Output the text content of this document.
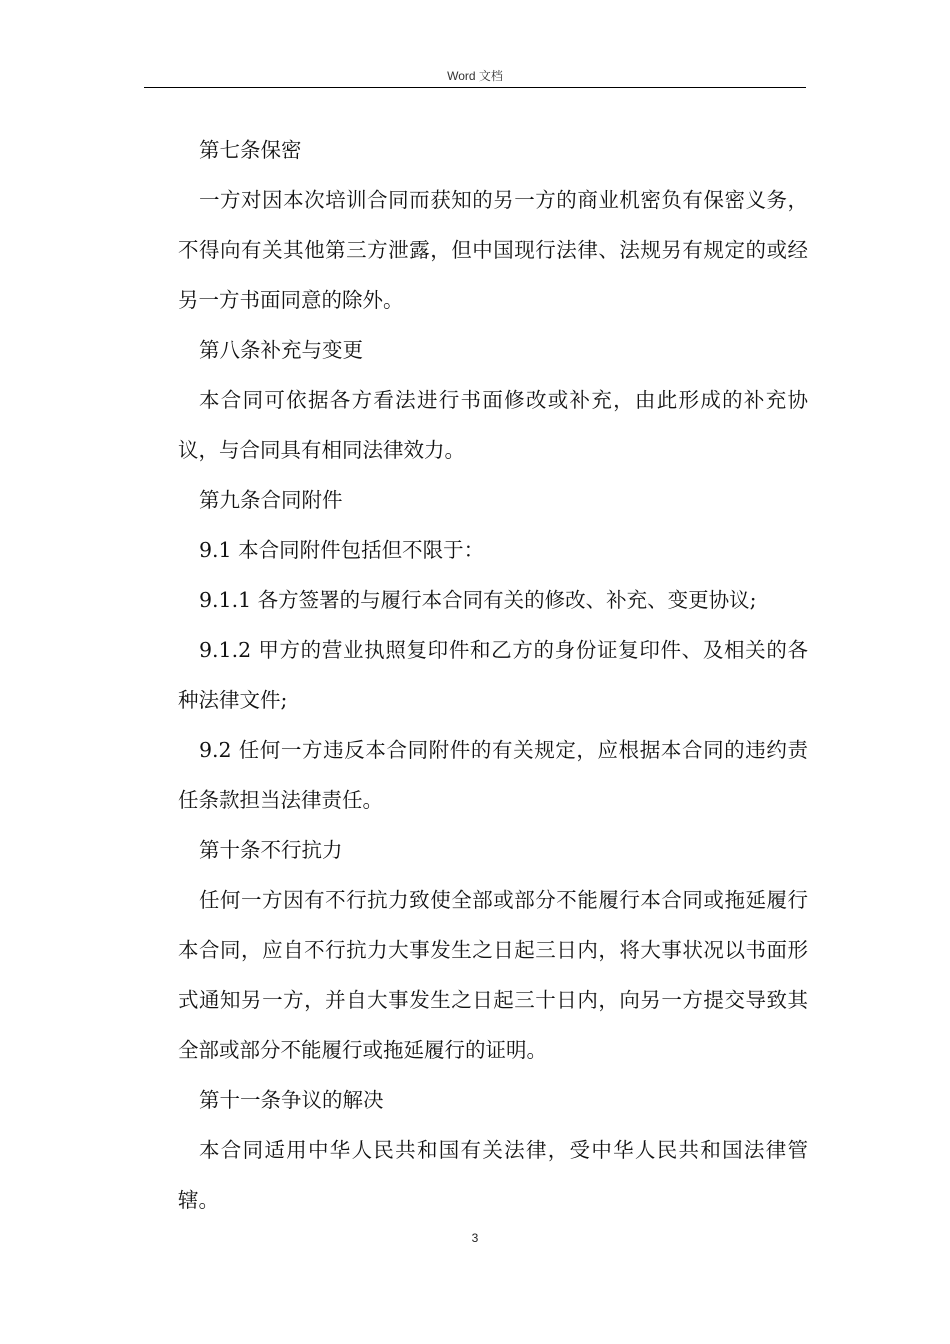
Word 文档

第七条保密

一方对因本次培训合同而获知的另一方的商业机密负有保密义务，不得向有关其他第三方泄露，但中国现行法律、法规另有规定的或经另一方书面同意的除外。

第八条补充与变更

本合同可依据各方看法进行书面修改或补充，由此形成的补充协议，与合同具有相同法律效力。

第九条合同附件

9.1 本合同附件包括但不限于：

9.1.1 各方签署的与履行本合同有关的修改、补充、变更协议;

9.1.2 甲方的营业执照复印件和乙方的身份证复印件、及相关的各种法律文件;

9.2 任何一方违反本合同附件的有关规定，应根据本合同的违约责任条款担当法律责任。

第十条不行抗力

任何一方因有不行抗力致使全部或部分不能履行本合同或拖延履行本合同，应自不行抗力大事发生之日起三日内，将大事状况以书面形式通知另一方，并自大事发生之日起三十日内，向另一方提交导致其全部或部分不能履行或拖延履行的证明。

第十一条争议的解决

本合同适用中华人民共和国有关法律，受中华人民共和国法律管辖。

3
